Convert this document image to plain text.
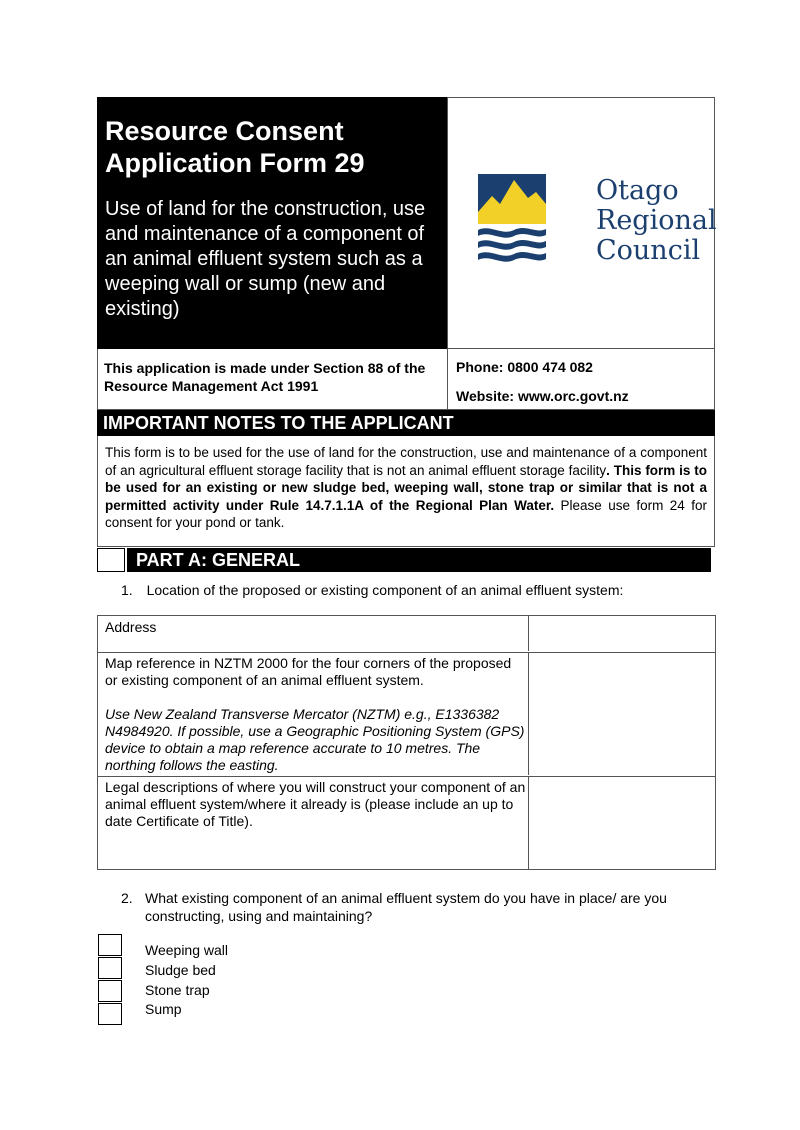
Resource Consent
Application Form 29
Use of land for the construction, use and maintenance of a component of an animal effluent system such as a weeping wall or sump (new and existing)
Otago
Regional
Council
This application is made under Section 88 of the Resource Management Act 1991
Phone: 0800 474 082
Website: www.orc.govt.nz
IMPORTANT NOTES TO THE APPLICANT
This form is to be used for the use of land for the construction, use and maintenance of a component of an agricultural effluent storage facility that is not an animal effluent storage facility. This form is to be used for an existing or new sludge bed, weeping wall, stone trap or similar that is not a permitted activity under Rule 14.7.1.1A of the Regional Plan Water. Please use form 24 for consent for your pond or tank.
PART A: GENERAL
1. Location of the proposed or existing component of an animal effluent system:
Address
Map reference in NZTM 2000 for the four corners of the proposed or existing component of an animal effluent system.
Use New Zealand Transverse Mercator (NZTM) e.g., E1336382 N4984920. If possible, use a Geographic Positioning System (GPS) device to obtain a map reference accurate to 10 metres. The northing follows the easting.
Legal descriptions of where you will construct your component of an animal effluent system/where it already is (please include an up to date Certificate of Title).
2. What existing component of an animal effluent system do you have in place/ are you constructing, using and maintaining?
Weeping wall
Sludge bed
Stone trap
Sump
